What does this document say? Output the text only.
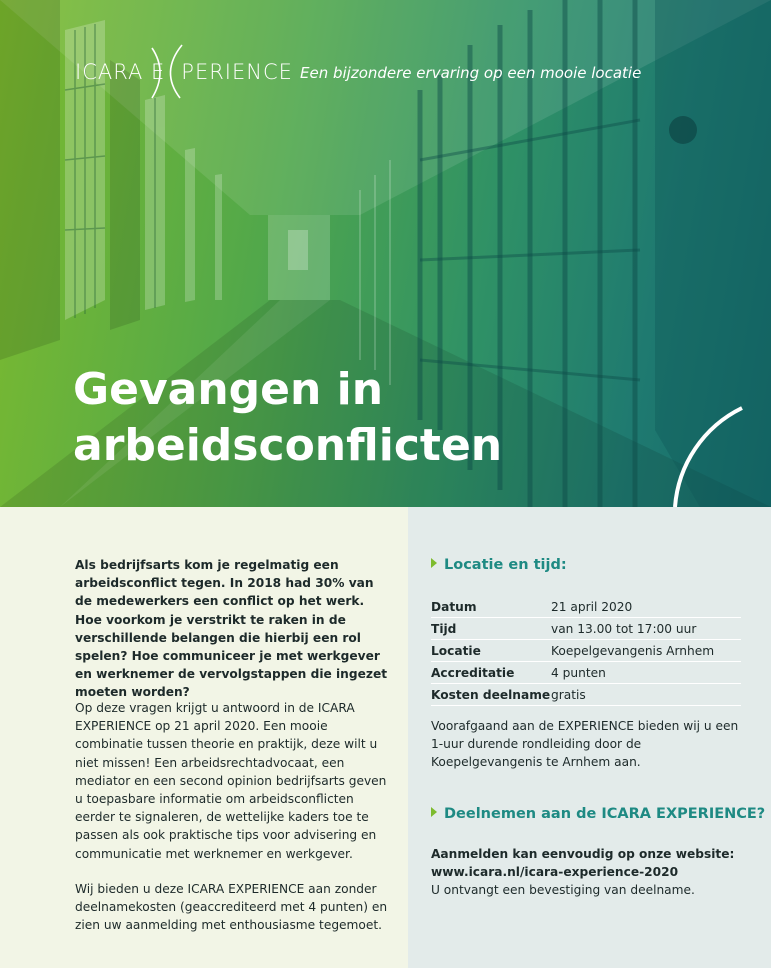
ICARA E PERIENCE Een bijzondere ervaring op een mooie locatie
Gevangen in
arbeidsconflicten

Als bedrijfsarts kom je regelmatig een arbeidsconflict tegen. In 2018 had 30% van de medewerkers een conflict op het werk. Hoe voorkom je verstrikt te raken in de verschillende belangen die hierbij een rol spelen? Hoe communiceer je met werkgever en werknemer de vervolgstappen die ingezet moeten worden?

Op deze vragen krijgt u antwoord in de ICARA EXPERIENCE op 21 april 2020. Een mooie combinatie tussen theorie en praktijk, deze wilt u niet missen! Een arbeidsrechtadvocaat, een mediator en een second opinion bedrijfsarts geven u toepasbare informatie om arbeidsconflicten eerder te signaleren, de wettelijke kaders toe te passen als ook praktische tips voor advisering en communicatie met werknemer en werkgever.

Wij bieden u deze ICARA EXPERIENCE aan zonder deelnamekosten (geaccrediteerd met 4 punten) en zien uw aanmelding met enthousiasme tegemoet.

Locatie en tijd:
Datum	21 april 2020
Tijd	van 13.00 tot 17:00 uur
Locatie	Koepelgevangenis Arnhem
Accreditatie	4 punten
Kosten deelname	gratis

Voorafgaand aan de EXPERIENCE bieden wij u een 1-uur durende rondleiding door de Koepelgevangenis te Arnhem aan.

Deelnemen aan de ICARA EXPERIENCE?
Aanmelden kan eenvoudig op onze website:
www.icara.nl/icara-experience-2020
U ontvangt een bevestiging van deelname.
